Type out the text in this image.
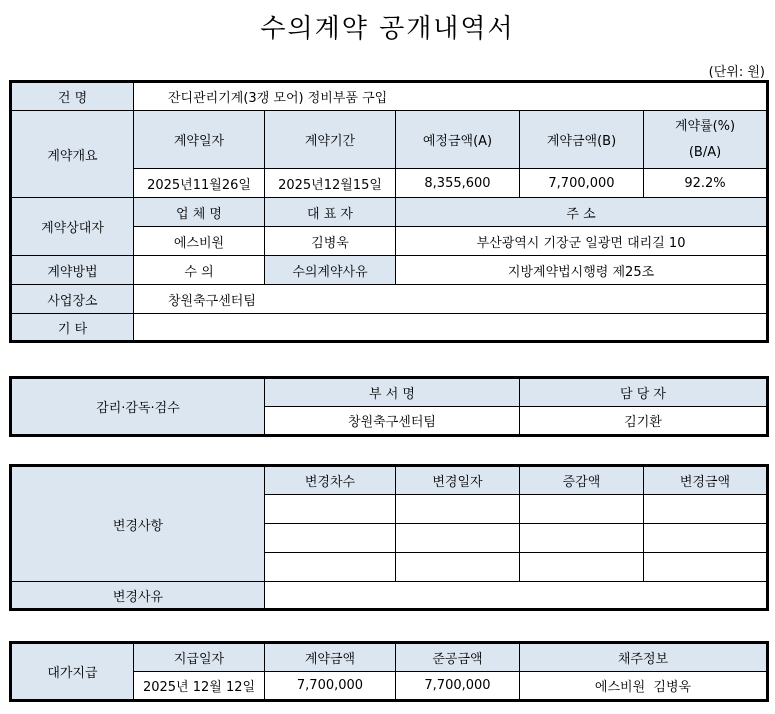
수의계약 공개내역서
(단위: 원)
건 명	잔디관리기계(3갱 모어) 정비부품 구입				
계약개요	계약일자	계약기간	예정금액(A)	계약금액(B)	계약률(%)
(B/A)
	2025년11월26일	2025년12월15일	8,355,600	7,700,000	92.2%
계약상대자	업 체 명	대 표 자	주 소		
	에스비원	김병욱	부산광역시 기장군 일광면 대리길 10		
계약방법	수 의	수의계약사유	지방계약법시행령 제25조		
사업장소	창원축구센터팀				
기 타					
감리·감독·검수	부 서 명	담 당 자
	창원축구센터팀	김기환
변경사항	변경차수	변경일자	증감액	변경금액

변경사유				
대가지급	지급일자	계약금액	준공금액	채주정보
	2025년 12월 12일	7,700,000	7,700,000	에스비원  김병욱
